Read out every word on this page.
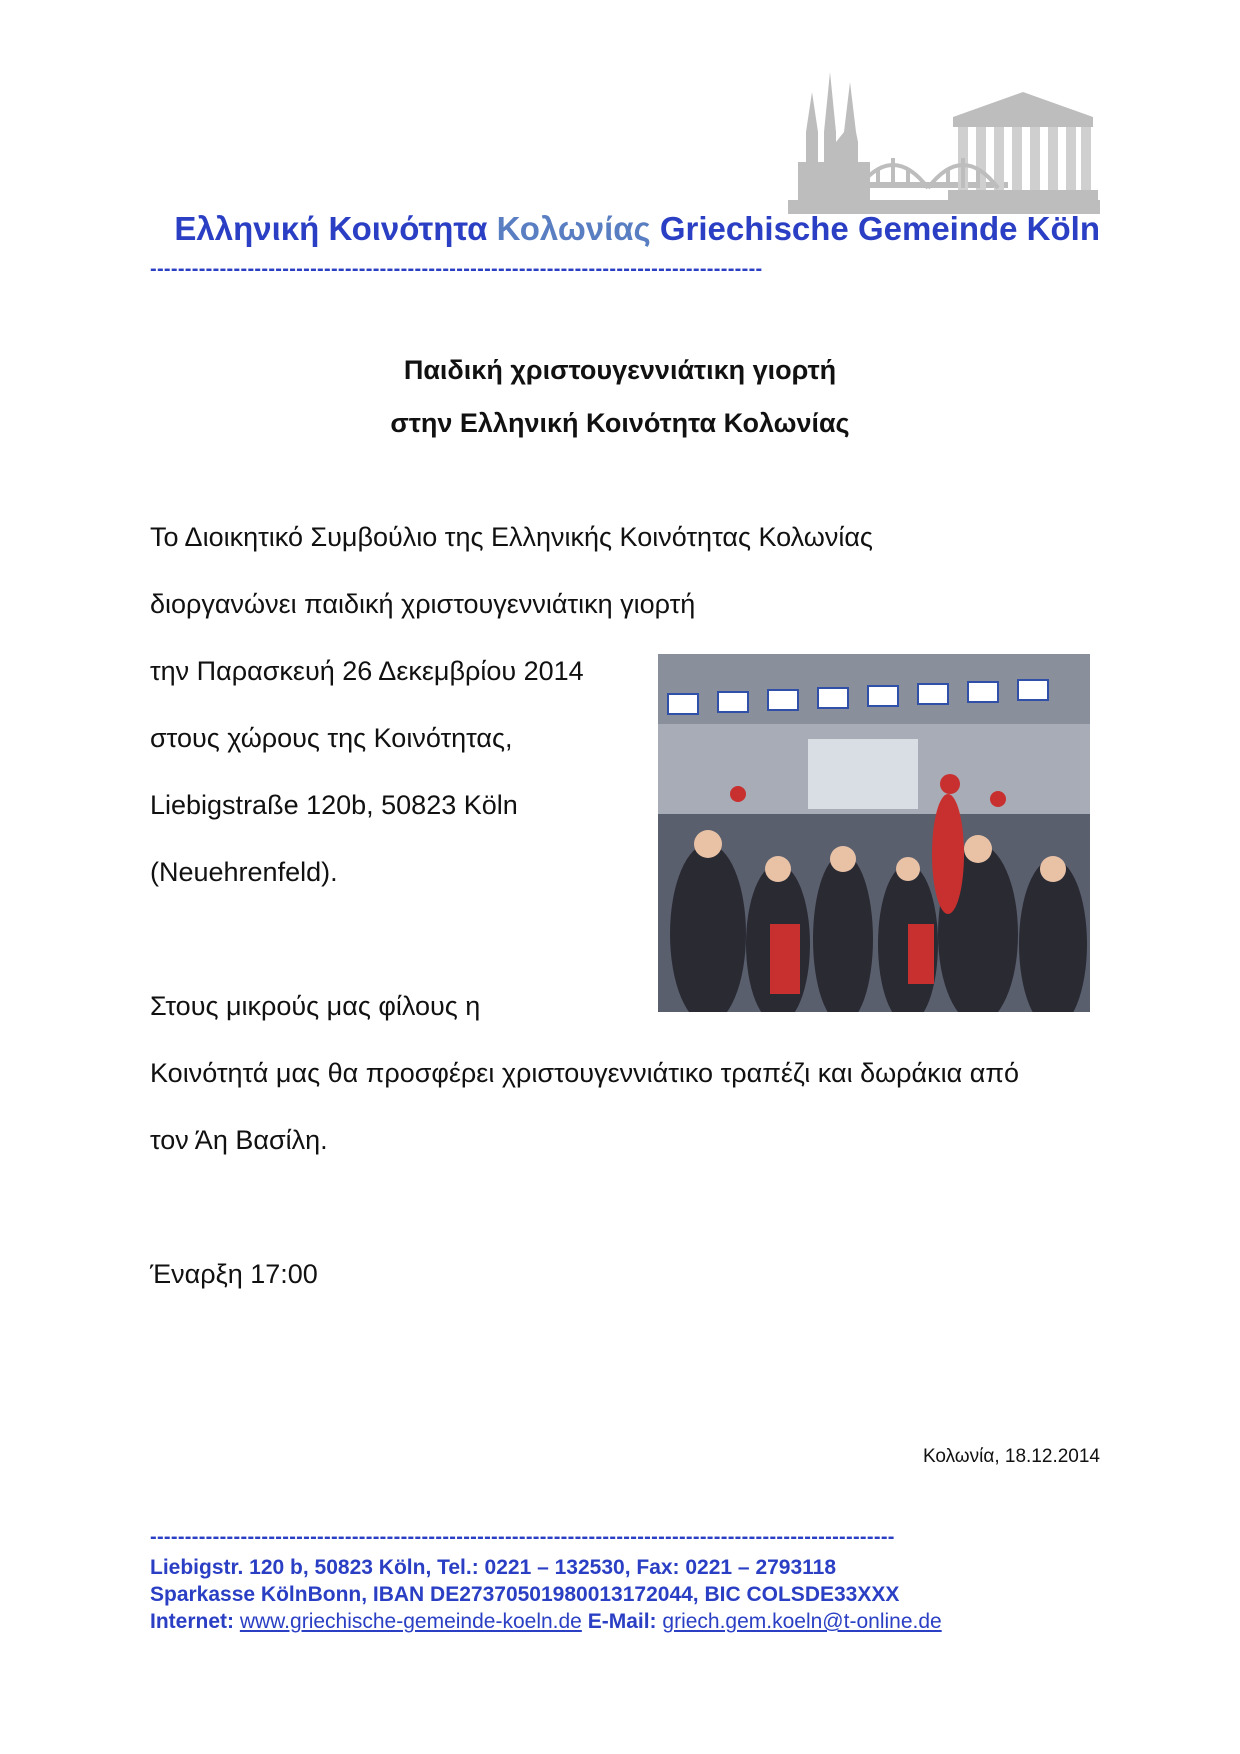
Ελληνική Κοινότητα Κολωνίας Griechische Gemeinde Köln
----------------------------------------------------------------------------------------
Παιδική χριστουγεννιάτικη γιορτή
στην Ελληνική Κοινότητα Κολωνίας
Το Διοικητικό Συμβούλιο της Ελληνικής Κοινότητας Κολωνίας
διοργανώνει παιδική χριστουγεννιάτικη γιορτή
την Παρασκευή 26 Δεκεμβρίου 2014
στους χώρους της Κοινότητας,
Liebigstraße 120b, 50823 Köln
(Neuehrenfeld).
Στους μικρούς μας φίλους η
Κοινότητά μας θα προσφέρει χριστουγεννιάτικο τραπέζι και δωράκια από
τον Άη Βασίλη.
Έναρξη 17:00
Κολωνία, 18.12.2014
-----------------------------------------------------------------------------------------------------------
Liebigstr. 120 b, 50823 Köln, Tel.: 0221 – 132530, Fax: 0221 – 2793118
Sparkasse KölnBonn, IBAN DE27370501980013172044, BIC COLSDE33XXX
Internet: www.griechische-gemeinde-koeln.de E-Mail: griech.gem.koeln@t-online.de
